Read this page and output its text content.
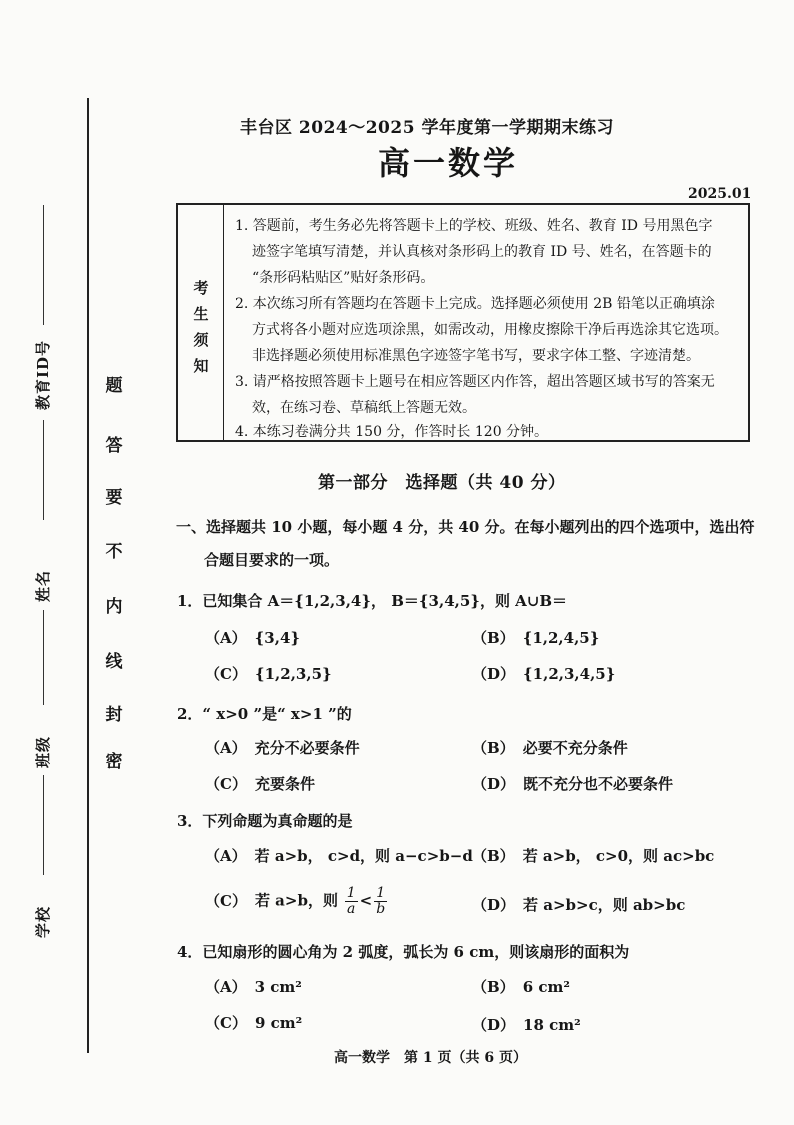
教育ID号
姓名
班级
学校
密
封
线
内
不
要
答
题
丰台区 2024～2025 学年度第一学期期末练习
高一数学
2025.01
考
生
须
知
1. 答题前，考生务必先将答题卡上的学校、班级、姓名、教育 ID 号用黑色字
迹签字笔填写清楚，并认真核对条形码上的教育 ID 号、姓名，在答题卡的
“条形码粘贴区”贴好条形码。
2. 本次练习所有答题均在答题卡上完成。选择题必须使用 2B 铅笔以正确填涂
方式将各小题对应选项涂黑，如需改动，用橡皮擦除干净后再选涂其它选项。
非选择题必须使用标准黑色字迹签字笔书写，要求字体工整、字迹清楚。
3. 请严格按照答题卡上题号在相应答题区内作答，超出答题区域书写的答案无
效，在练习卷、草稿纸上答题无效。
4. 本练习卷满分共 150 分，作答时长 120 分钟。
第一部分　选择题（共 40 分）
一、选择题共 10 小题，每小题 4 分，共 40 分。在每小题列出的四个选项中，选出符
合题目要求的一项。
1．已知集合 A＝{1,2,3,4}， B＝{3,4,5}，则 A∪B＝
（A） {3,4}	（B） {1,2,4,5}
（C） {1,2,3,5}	（D） {1,2,3,4,5}
2．“ x>0 ”是“ x>1 ”的
（A） 充分不必要条件	（B） 必要不充分条件
（C） 充要条件	（D） 既不充分也不必要条件
3．下列命题为真命题的是
（A） 若 a>b， c>d，则 a−c>b−d （B） 若 a>b， c>0，则 ac>bc
（C） 若 a>b，则 $\frac{1}{a} < \frac{1}{b}$	（D） 若 a>b>c，则 ab>bc
4．已知扇形的圆心角为 2 弧度，弧长为 6 cm，则该扇形的面积为
（A） 3 cm²	（B） 6 cm²
（C） 9 cm²	（D） 18 cm²
高一数学　第 1 页（共 6 页）
